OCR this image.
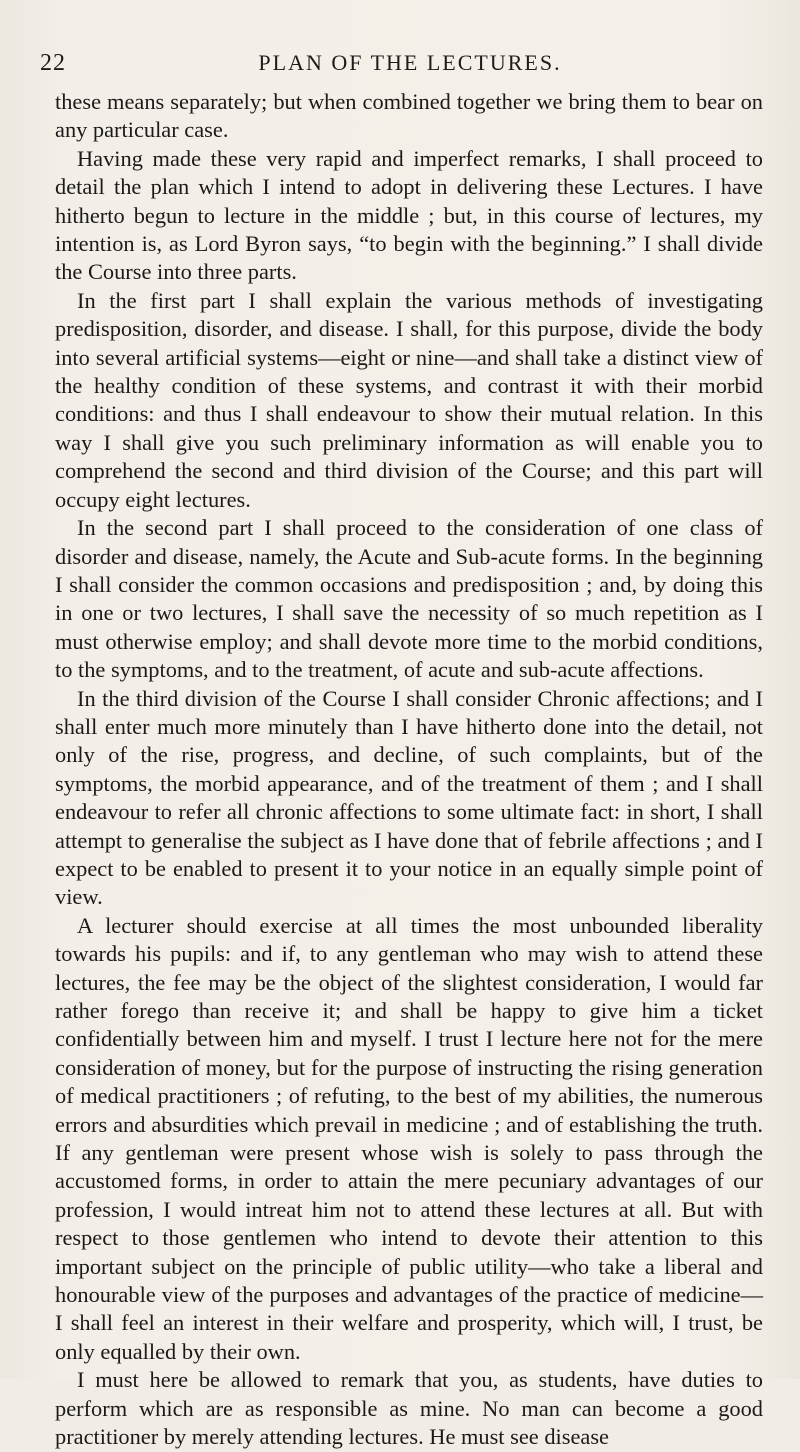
22	PLAN OF THE LECTURES.

these means separately; but when combined together we bring them to bear on any particular case.

Having made these very rapid and imperfect remarks, I shall proceed to detail the plan which I intend to adopt in delivering these Lectures. I have hitherto begun to lecture in the middle ; but, in this course of lectures, my intention is, as Lord Byron says, “to begin with the beginning.” I shall divide the Course into three parts.

In the first part I shall explain the various methods of investigating predisposition, disorder, and disease. I shall, for this purpose, divide the body into several artificial systems—eight or nine—and shall take a distinct view of the healthy condition of these systems, and contrast it with their morbid conditions: and thus I shall endeavour to show their mutual relation. In this way I shall give you such preliminary information as will enable you to comprehend the second and third division of the Course; and this part will occupy eight lectures.

In the second part I shall proceed to the consideration of one class of disorder and disease, namely, the Acute and Sub-acute forms. In the beginning I shall consider the common occasions and predisposition ; and, by doing this in one or two lectures, I shall save the necessity of so much repetition as I must otherwise employ; and shall devote more time to the morbid conditions, to the symptoms, and to the treatment, of acute and sub-acute affections.

In the third division of the Course I shall consider Chronic affections; and I shall enter much more minutely than I have hitherto done into the detail, not only of the rise, progress, and decline, of such complaints, but of the symptoms, the morbid appearance, and of the treatment of them ; and I shall endeavour to refer all chronic affections to some ultimate fact: in short, I shall attempt to generalise the subject as I have done that of febrile affections ; and I expect to be enabled to present it to your notice in an equally simple point of view.

A lecturer should exercise at all times the most unbounded liberality towards his pupils: and if, to any gentleman who may wish to attend these lectures, the fee may be the object of the slightest consideration, I would far rather forego than receive it; and shall be happy to give him a ticket confidentially between him and myself. I trust I lecture here not for the mere consideration of money, but for the purpose of instructing the rising generation of medical practitioners ; of refuting, to the best of my abilities, the numerous errors and absurdities which prevail in medicine ; and of establishing the truth. If any gentleman were present whose wish is solely to pass through the accustomed forms, in order to attain the mere pecuniary advantages of our profession, I would intreat him not to attend these lectures at all. But with respect to those gentlemen who intend to devote their attention to this important subject on the principle of public utility—who take a liberal and honourable view of the purposes and advantages of the practice of medicine—I shall feel an interest in their welfare and prosperity, which will, I trust, be only equalled by their own.

I must here be allowed to remark that you, as students, have duties to perform which are as responsible as mine. No man can become a good practitioner by merely attending lectures. He must see disease
